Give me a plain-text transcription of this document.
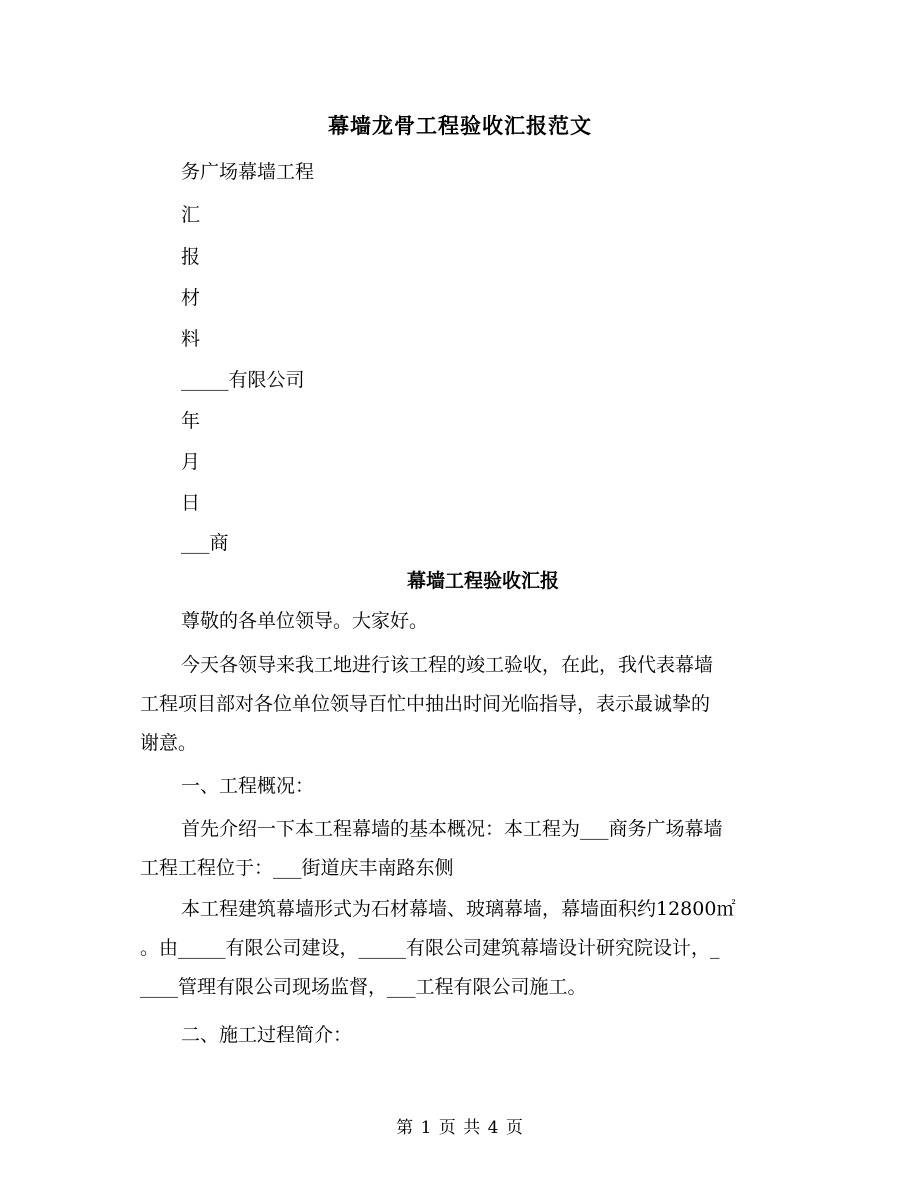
幕墙龙骨工程验收汇报范文
务广场幕墙工程
汇
报
材
料
_____有限公司
年
月
日
___商
幕墙工程验收汇报
尊敬的各单位领导。大家好。
今天各领导来我工地进行该工程的竣工验收，在此，我代表幕墙
工程项目部对各位单位领导百忙中抽出时间光临指导，表示最诚挚的
谢意。
一、工程概况：
首先介绍一下本工程幕墙的基本概况：本工程为___商务广场幕墙
工程工程位于：___街道庆丰南路东侧
本工程建筑幕墙形式为石材幕墙、玻璃幕墙，幕墙面积约12800㎡
。由_____有限公司建设，_____有限公司建筑幕墙设计研究院设计，_
____管理有限公司现场监督，___工程有限公司施工。
二、施工过程简介：
第 1 页 共 4 页
